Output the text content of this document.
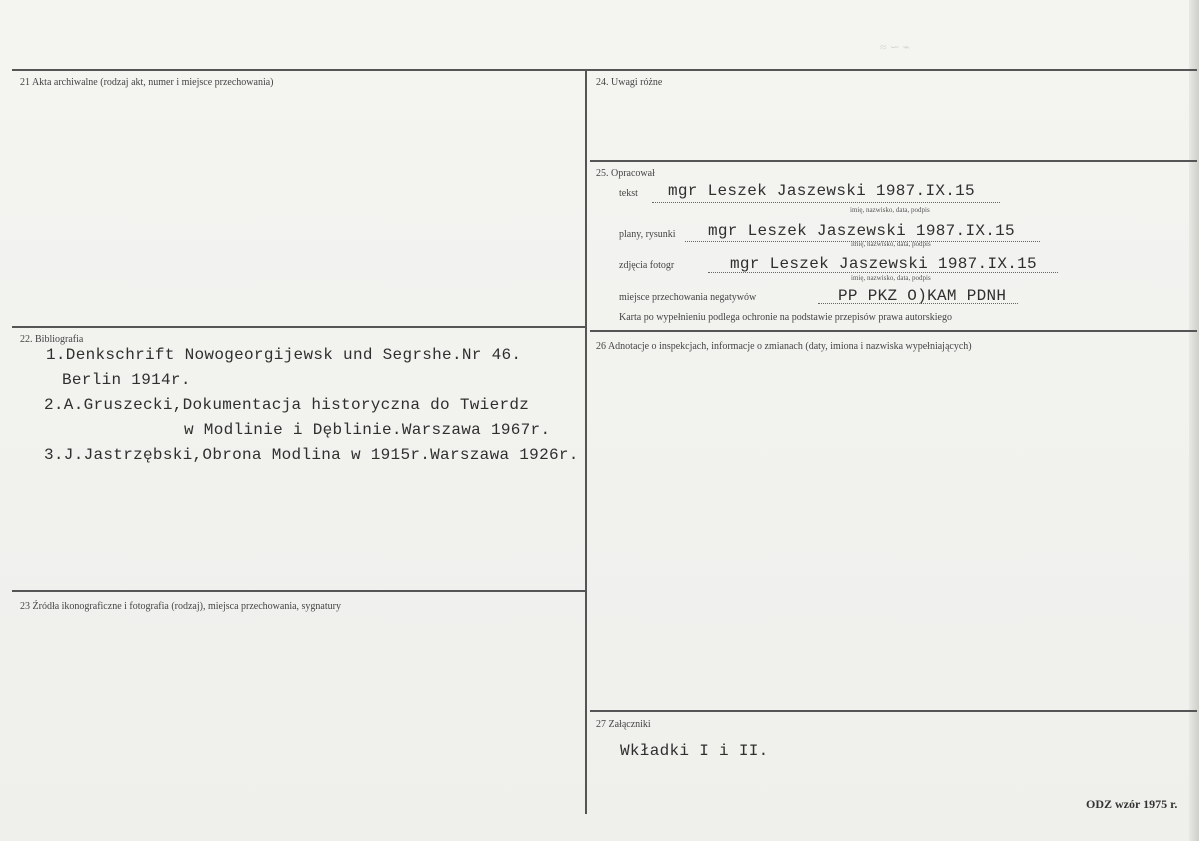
≈ ∽ ⌁
21 Akta archiwalne (rodzaj akt, numer i miejsce przechowania)
22. Bibliografia
23 Źródła ikonograficzne i fotografia (rodzaj), miejsca przechowania, sygnatury
24. Uwagi różne
25. Opracował
26 Adnotacje o inspekcjach, informacje o zmianach (daty, imiona i nazwiska wypełniających)
27 Załączniki
1.Denkschrift Nowogeorgijewsk und Segrshe.Nr 46.
Berlin 1914r.
2.A.Gruszecki,Dokumentacja historyczna do Twierdz
w Modlinie i Dęblinie.Warszawa 1967r.
3.J.Jastrzębski,Obrona Modlina w 1915r.Warszawa 1926r.
tekst mgr Leszek Jaszewski 1987.IX.15
imię, nazwisko, data, podpis
plany, rysunki mgr Leszek Jaszewski 1987.IX.15
imię, nazwisko, data, podpis
zdjęcia fotogr	mgr Leszek Jaszewski 1987.IX.15
imię, nazwisko, data, podpis
miejsce przechowania negatywów	PP PKZ O)KAM PDNH
Karta po wypełnieniu podlega ochronie na podstawie przepisów prawa autorskiego
Wkładki I i II.
ODZ wzór 1975 r.
